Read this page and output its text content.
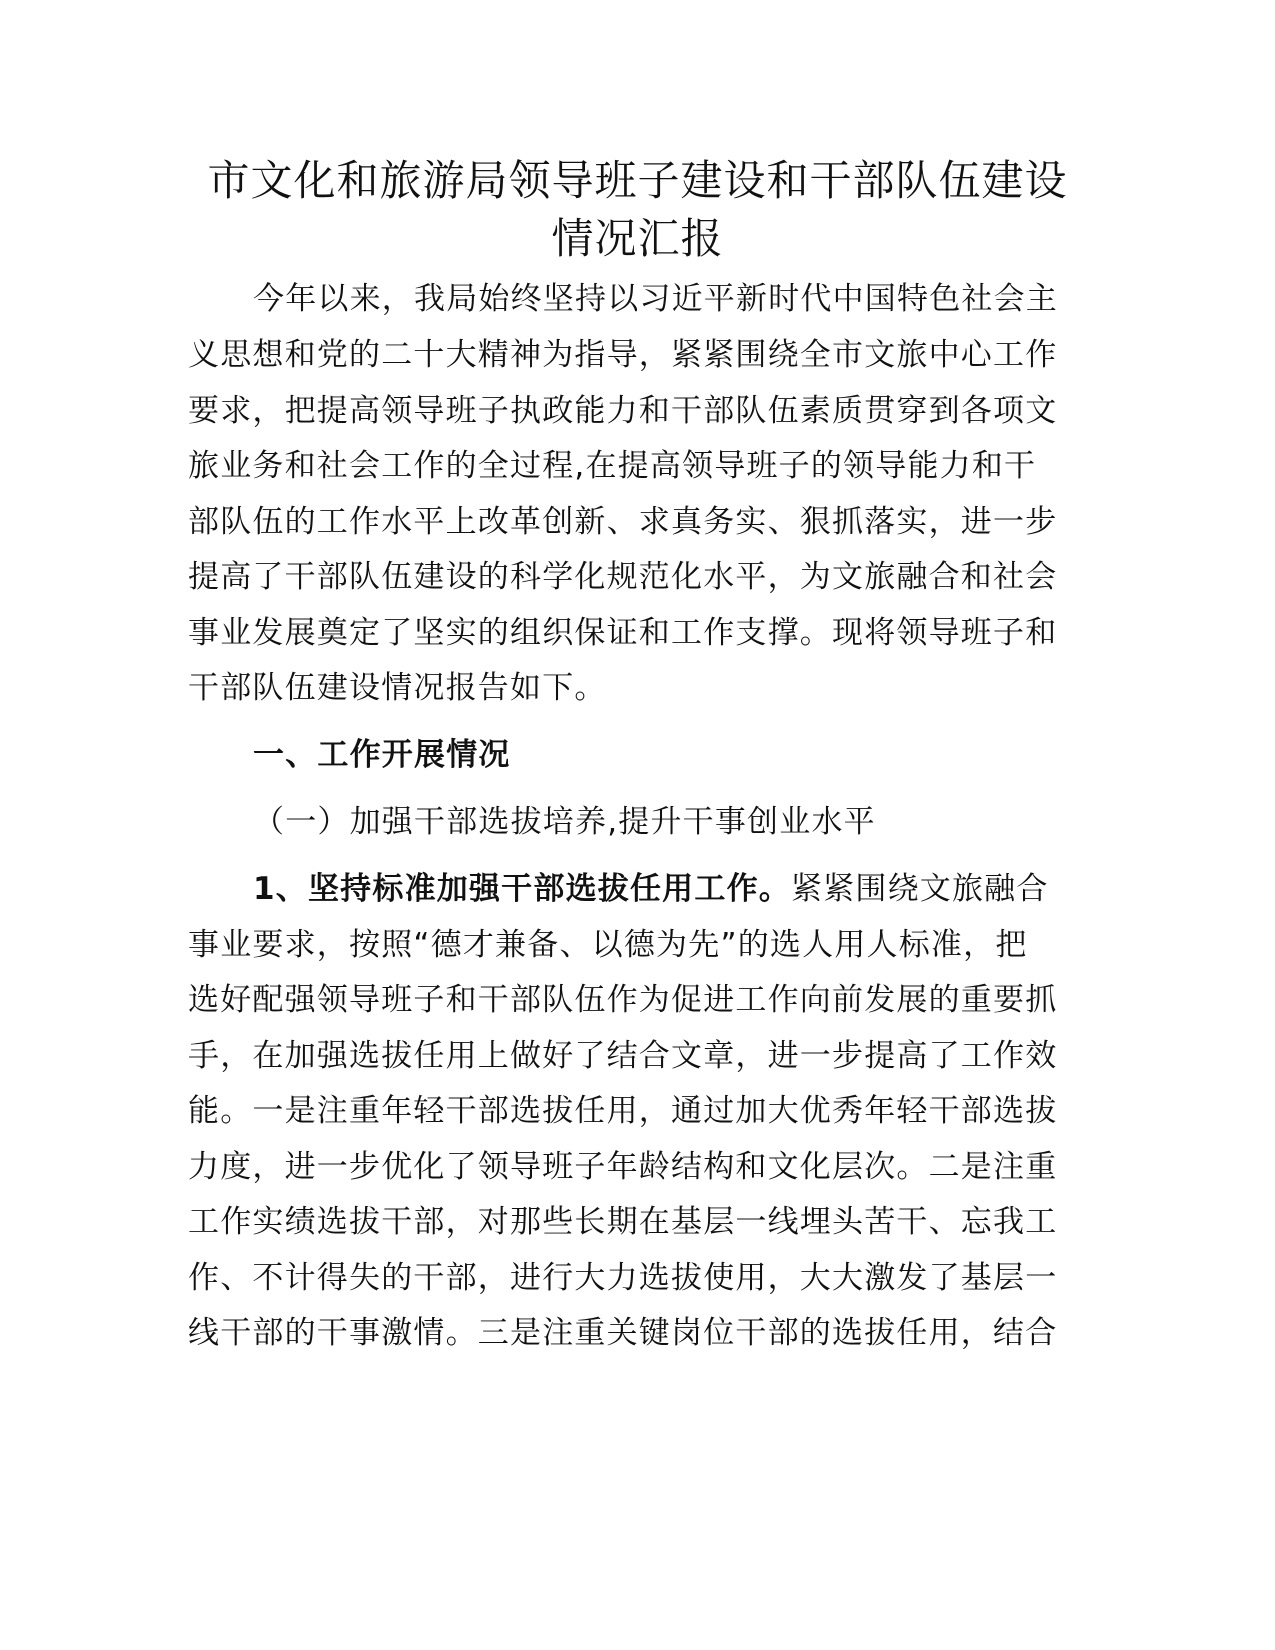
市文化和旅游局领导班子建设和干部队伍建设
情况汇报

今年以来，我局始终坚持以习近平新时代中国特色社会主

义思想和党的二十大精神为指导，紧紧围绕全市文旅中心工作

要求，把提高领导班子执政能力和干部队伍素质贯穿到各项文

旅业务和社会工作的全过程,在提高领导班子的领导能力和干

部队伍的工作水平上改革创新、求真务实、狠抓落实，进一步

提高了干部队伍建设的科学化规范化水平，为文旅融合和社会

事业发展奠定了坚实的组织保证和工作支撑。现将领导班子和

干部队伍建设情况报告如下。

一、工作开展情况

（一）加强干部选拔培养,提升干事创业水平

1、坚持标准加强干部选拔任用工作。紧紧围绕文旅融合

事业要求，按照“德才兼备、以德为先”的选人用人标准，把

选好配强领导班子和干部队伍作为促进工作向前发展的重要抓

手，在加强选拔任用上做好了结合文章，进一步提高了工作效

能。一是注重年轻干部选拔任用，通过加大优秀年轻干部选拔

力度，进一步优化了领导班子年龄结构和文化层次。二是注重

工作实绩选拔干部，对那些长期在基层一线埋头苦干、忘我工

作、不计得失的干部，进行大力选拔使用，大大激发了基层一

线干部的干事激情。三是注重关键岗位干部的选拔任用，结合
